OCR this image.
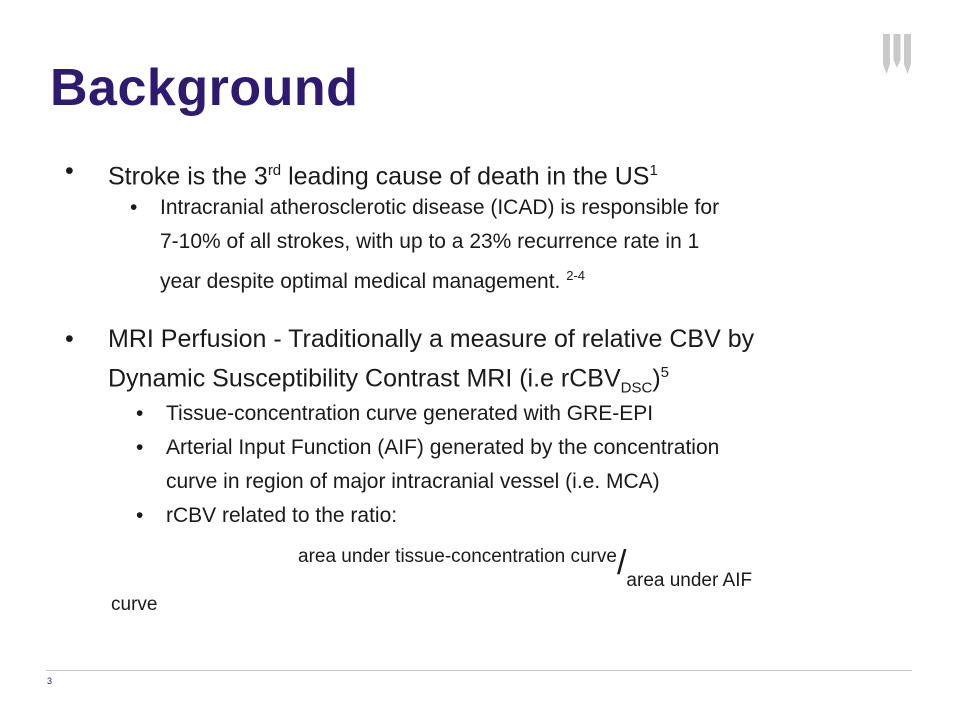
Background
• Stroke is the 3rd leading cause of death in the $US^1$
• Intracranial atherosclerotic disease (ICAD) is responsible for
7-10% of all strokes, with up to a 23% recurrence rate in 1
year despite optimal medical management. $^{2-4}$
• MRI Perfusion - Traditionally a measure of relative CBV by
Dynamic Susceptibility Contrast MRI (i.e rCBV$_{DSC}$)$^5$
• Tissue-concentration curve generated with GRE-EPI
• Arterial Input Function (AIF) generated by the concentration
curve in region of major intracranial vessel (i.e. MCA)
• rCBV related to the ratio:
area under tissue-concentration curve/area under AIF
curve
3
